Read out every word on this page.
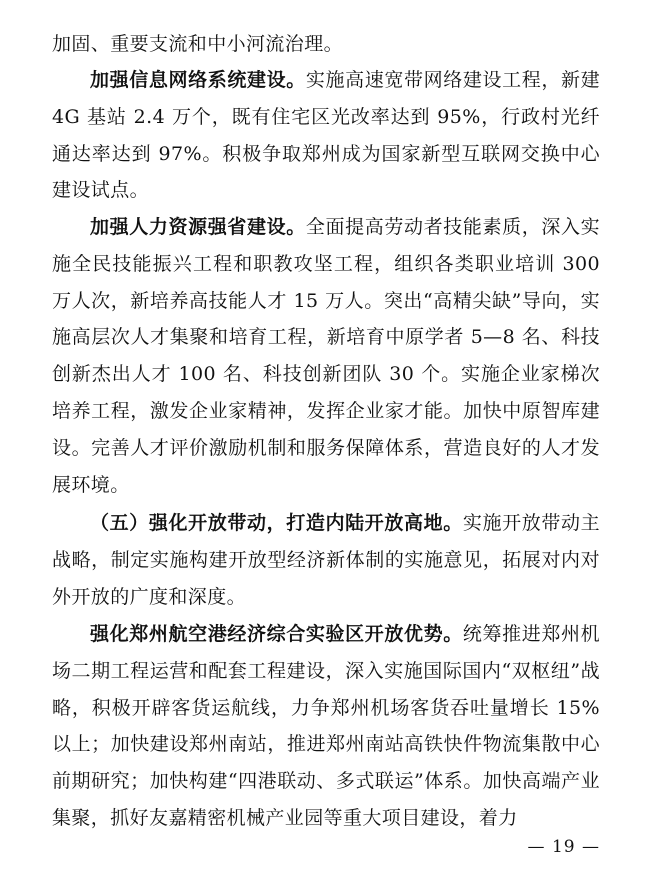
加固、重要支流和中小河流治理。
加强信息网络系统建设。实施高速宽带网络建设工程，新建4G 基站 2.4 万个，既有住宅区光改率达到 95%，行政村光纤通达率达到 97%。积极争取郑州成为国家新型互联网交换中心建设试点。
加强人力资源强省建设。全面提高劳动者技能素质，深入实施全民技能振兴工程和职教攻坚工程，组织各类职业培训 300 万人次，新培养高技能人才 15 万人。突出“高精尖缺”导向，实施高层次人才集聚和培育工程，新培育中原学者 5—8 名、科技创新杰出人才 100 名、科技创新团队 30 个。实施企业家梯次培养工程，激发企业家精神，发挥企业家才能。加快中原智库建设。完善人才评价激励机制和服务保障体系，营造良好的人才发展环境。
（五）强化开放带动，打造内陆开放高地。实施开放带动主战略，制定实施构建开放型经济新体制的实施意见，拓展对内对外开放的广度和深度。
强化郑州航空港经济综合实验区开放优势。统筹推进郑州机场二期工程运营和配套工程建设，深入实施国际国内“双枢纽”战略，积极开辟客货运航线，力争郑州机场客货吞吐量增长 15% 以上；加快建设郑州南站，推进郑州南站高铁快件物流集散中心前期研究；加快构建“四港联动、多式联运”体系。加快高端产业集聚，抓好友嘉精密机械产业园等重大项目建设，着力
— 19 —
